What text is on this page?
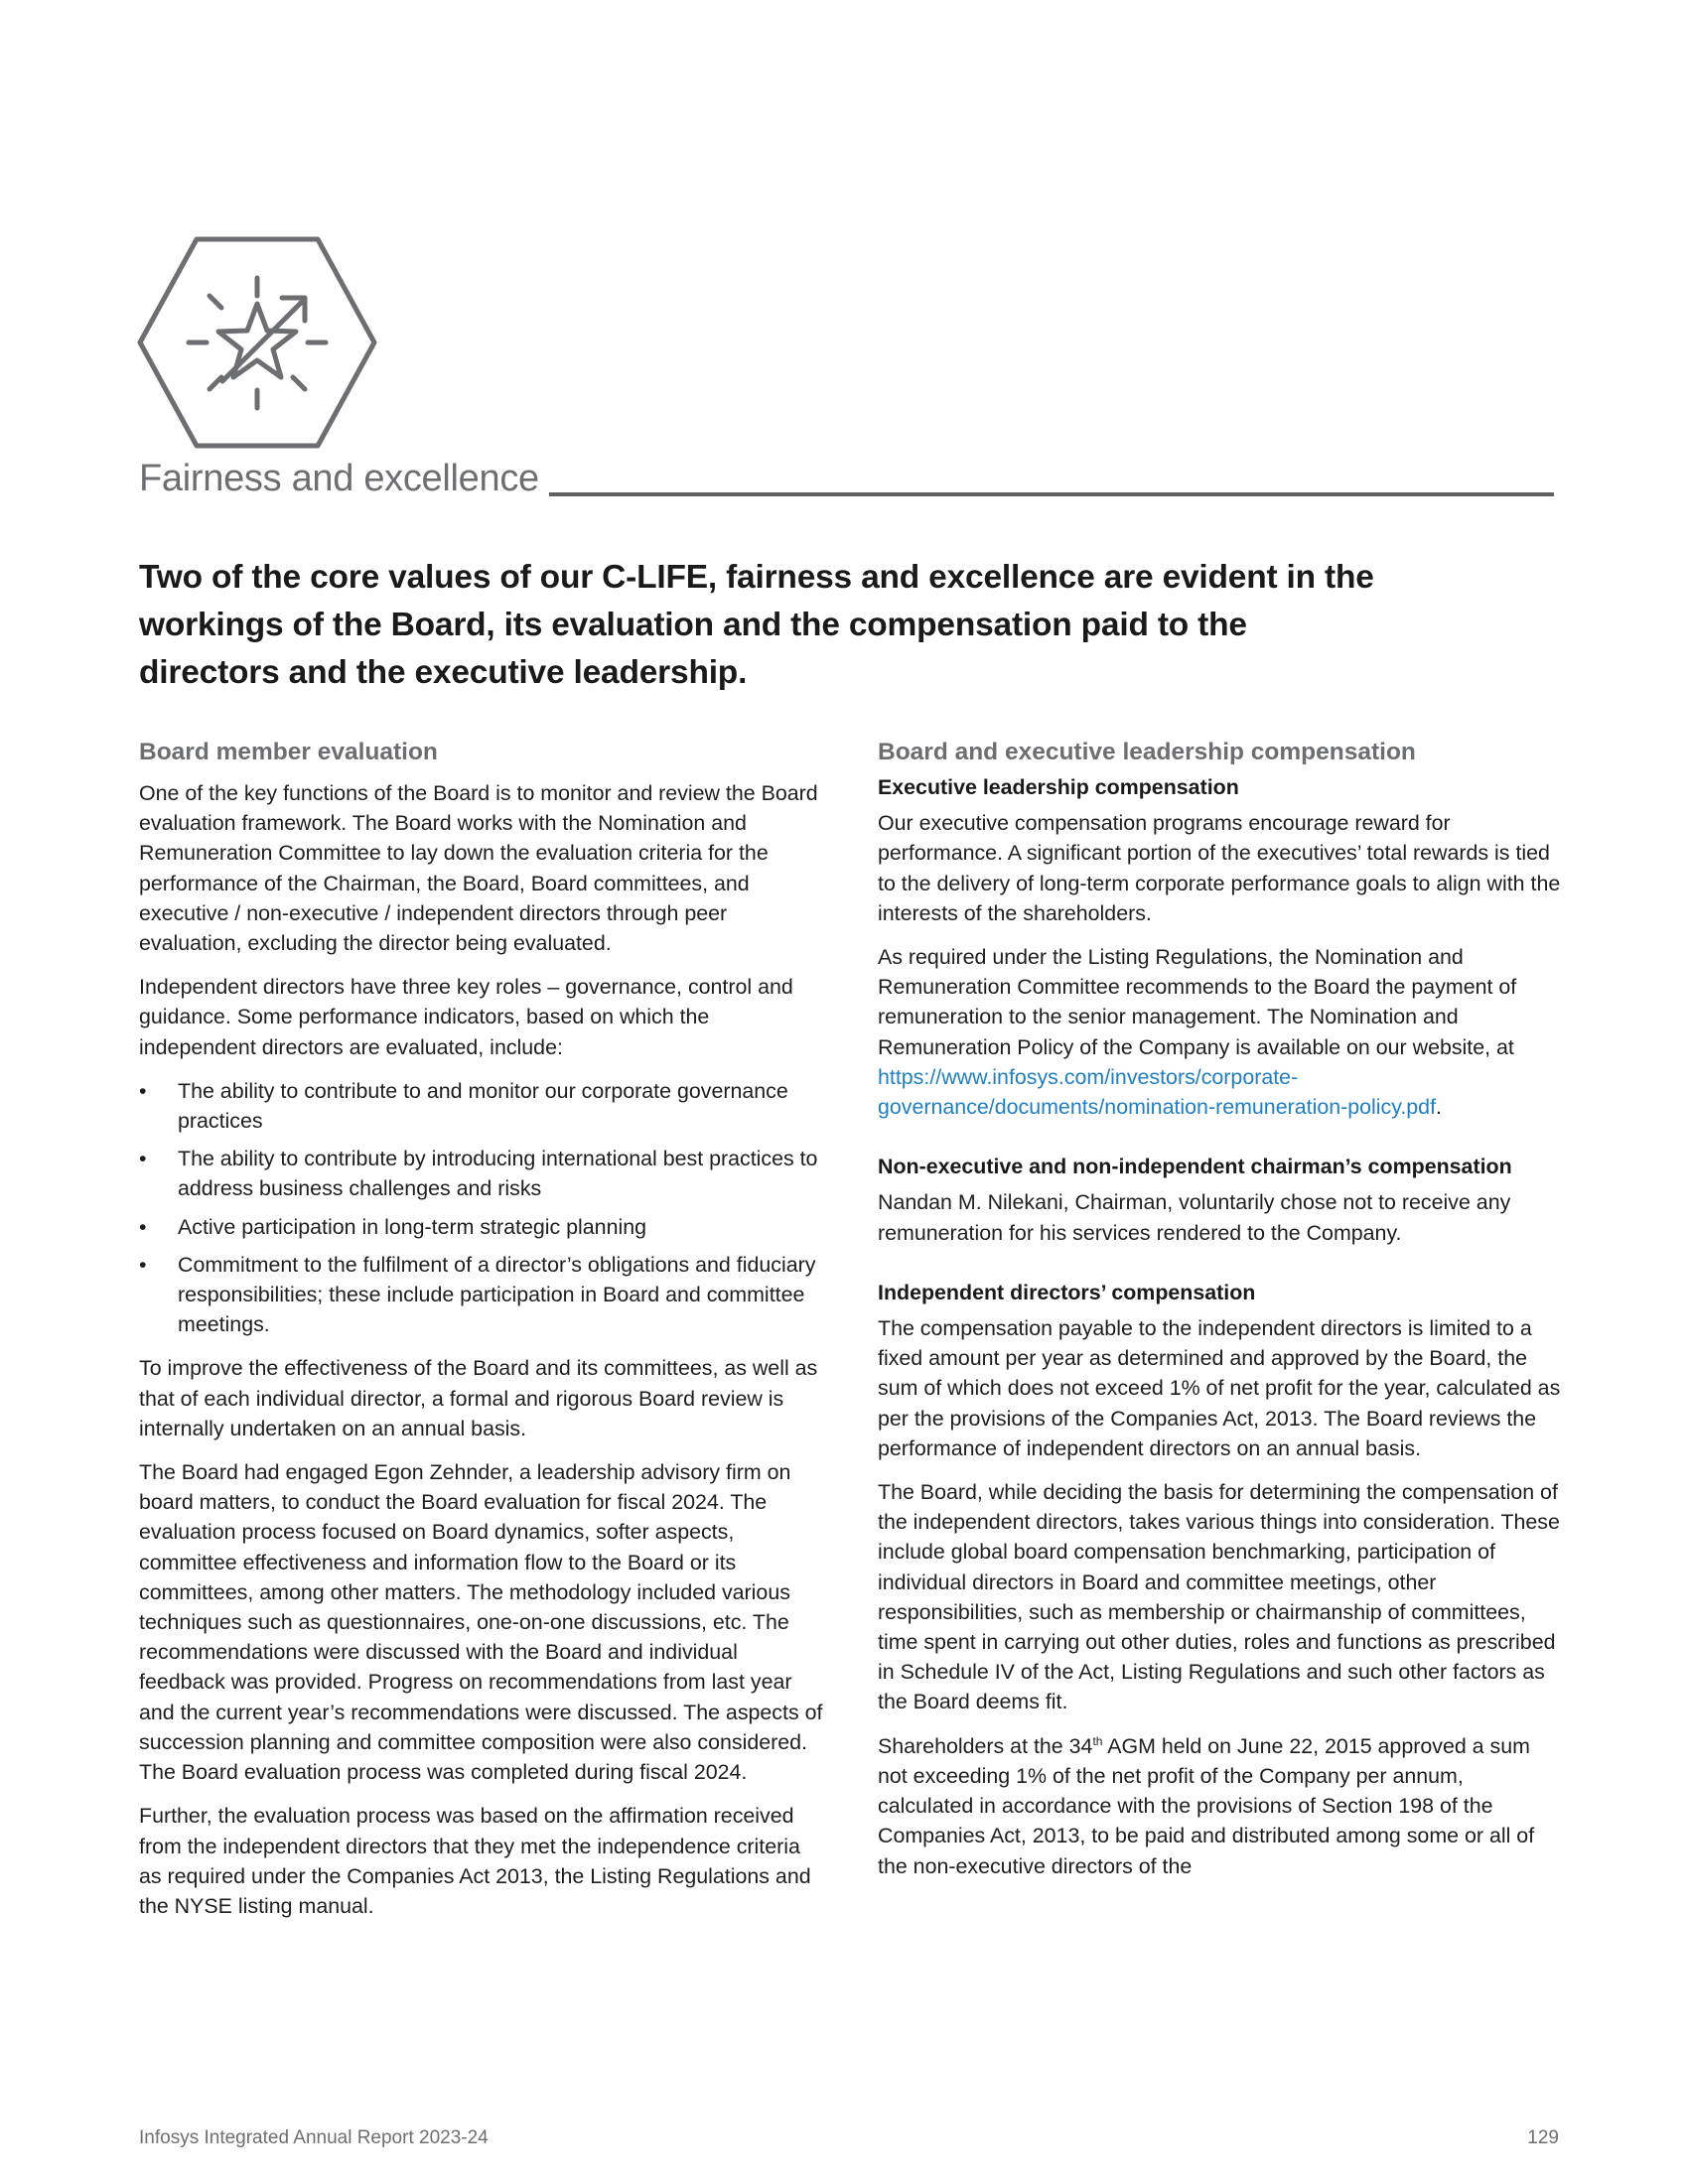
Fairness and excellence
Two of the core values of our C-LIFE, fairness and excellence are evident in the workings of the Board, its evaluation and the compensation paid to the directors and the executive leadership.
Board member evaluation

One of the key functions of the Board is to monitor and review the Board evaluation framework. The Board works with the Nomination and Remuneration Committee to lay down the evaluation criteria for the performance of the Chairman, the Board, Board committees, and executive / non-executive / independent directors through peer evaluation, excluding the director being evaluated.

Independent directors have three key roles – governance, control and guidance. Some performance indicators, based on which the independent directors are evaluated, include:

• The ability to contribute to and monitor our corporate governance practices
• The ability to contribute by introducing international best practices to address business challenges and risks
• Active participation in long-term strategic planning
• Commitment to the fulfilment of a director’s obligations and fiduciary responsibilities; these include participation in Board and committee meetings.

To improve the effectiveness of the Board and its committees, as well as that of each individual director, a formal and rigorous Board review is internally undertaken on an annual basis.

The Board had engaged Egon Zehnder, a leadership advisory firm on board matters, to conduct the Board evaluation for fiscal 2024. The evaluation process focused on Board dynamics, softer aspects, committee effectiveness and information flow to the Board or its committees, among other matters. The methodology included various techniques such as questionnaires, one-on-one discussions, etc. The recommendations were discussed with the Board and individual feedback was provided. Progress on recommendations from last year and the current year’s recommendations were discussed. The aspects of succession planning and committee composition were also considered. The Board evaluation process was completed during fiscal 2024.

Further, the evaluation process was based on the affirmation received from the independent directors that they met the independence criteria as required under the Companies Act 2013, the Listing Regulations and the NYSE listing manual.

Board and executive leadership compensation
Executive leadership compensation

Our executive compensation programs encourage reward for performance. A significant portion of the executives’ total rewards is tied to the delivery of long-term corporate performance goals to align with the interests of the shareholders.

As required under the Listing Regulations, the Nomination and Remuneration Committee recommends to the Board the payment of remuneration to the senior management. The Nomination and Remuneration Policy of the Company is available on our website, at https://www.infosys.com/investors/corporate-governance/documents/nomination-remuneration-policy.pdf.

Non-executive and non-independent chairman’s compensation

Nandan M. Nilekani, Chairman, voluntarily chose not to receive any remuneration for his services rendered to the Company.

Independent directors’ compensation

The compensation payable to the independent directors is limited to a fixed amount per year as determined and approved by the Board, the sum of which does not exceed 1% of net profit for the year, calculated as per the provisions of the Companies Act, 2013. The Board reviews the performance of independent directors on an annual basis.

The Board, while deciding the basis for determining the compensation of the independent directors, takes various things into consideration. These include global board compensation benchmarking, participation of individual directors in Board and committee meetings, other responsibilities, such as membership or chairmanship of committees, time spent in carrying out other duties, roles and functions as prescribed in Schedule IV of the Act, Listing Regulations and such other factors as the Board deems fit.

Shareholders at the 34th AGM held on June 22, 2015 approved a sum not exceeding 1% of the net profit of the Company per annum, calculated in accordance with the provisions of Section 198 of the Companies Act, 2013, to be paid and distributed among some or all of the non-executive directors of the

Infosys Integrated Annual Report 2023-24	129
